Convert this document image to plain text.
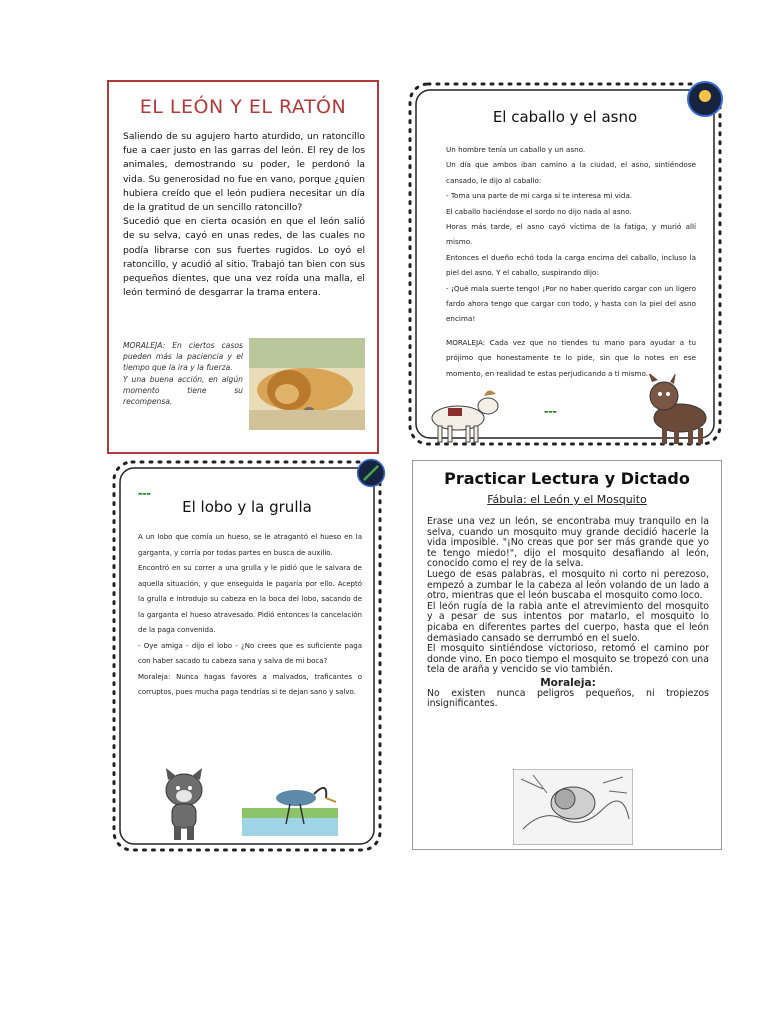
EL LEÓN Y EL RATÓN

Saliendo de su agujero harto aturdido, un ratoncillo fue a caer justo en las garras del león. El rey de los animales, demostrando su poder, le perdonó la vida. Su generosidad no fue en vano, porque ¿quien hubiera creído que el león pudiera necesitar un día de la gratitud de un sencillo ratoncillo?

Sucedió que en cierta ocasión en que el león salió de su selva, cayó en unas redes, de las cuales no podía librarse con sus fuertes rugidos. Lo oyó el ratoncillo, y acudió al sitio. Trabajó tan bien con sus pequeños dientes, que una vez roída una malla, el león terminó de desgarrar la trama entera.

MORALEJA: En ciertos casos pueden más la paciencia y el tiempo que la ira y la fuerza.

Y una buena acción, en algún momento tiene su recompensa.

El caballo y el asno

Un hombre tenía un caballo y un asno.

Un día que ambos iban camino a la ciudad, el asno, sintiéndose cansado, le dijo al caballo:

- Toma una parte de mi carga si te interesa mi vida.

El caballo haciéndose el sordo no dijo nada al asno.

Horas más tarde, el asno cayó víctima de la fatiga, y murió allí mismo.

Entonces el dueño echó toda la carga encima del caballo, incluso la piel del asno. Y el caballo, suspirando dijo:

- ¡Qué mala suerte tengo! ¡Por no haber querido cargar con un ligero fardo ahora tengo que cargar con todo, y hasta con la piel del asno encima!

MORALEJA: Cada vez que no tiendes tu mano para ayudar a tu prójimo que honestamente te lo pide, sin que lo notes en ese momento, en realidad te estas perjudicando a ti mismo.

▬▬▬
▬▬▬
El lobo y la grulla

A un lobo que comía un hueso, se le atragantó el hueso en la garganta, y corría por todas partes en busca de auxilio.

Encontró en su correr a una grulla y le pidió que le salvara de aquella situación, y que enseguida le pagaría por ello. Aceptó la grulla e introdujo su cabeza en la boca del lobo, sacando de la garganta el hueso atravesado. Pidió entonces la cancelación de la paga convenida.

- Oye amiga - dijo el lobo - ¿No crees que es suficiente paga con haber sacado tu cabeza sana y salva de mi boca?

Moraleja: Nunca hagas favores a malvados, traficantes o corruptos, pues mucha paga tendrías si te dejan sano y salvo.

Practicar Lectura y Dictado
Fábula: el León y el Mosquito

Erase una vez un león, se encontraba muy tranquilo en la selva, cuando un mosquito muy grande decidió hacerle la vida imposible. "¡No creas que por ser más grande que yo te tengo miedo!", dijo el mosquito desafiando al león, conocido como el rey de la selva.

Luego de esas palabras, el mosquito ni corto ni perezoso, empezó a zumbar le la cabeza al león volando de un lado a otro, mientras que el león buscaba el mosquito como loco.

El león rugía de la rabia ante el atrevimiento del mosquito y a pesar de sus intentos por matarlo, el mosquito lo picaba en diferentes partes del cuerpo, hasta que el león demasiado cansado se derrumbó en el suelo.

El mosquito sintiéndose victorioso, retomó el camino por donde vino. En poco tiempo el mosquito se tropezó con una tela de araña y vencido se vio también.

Moraleja:

No existen nunca peligros pequeños, ni tropiezos insignificantes.
